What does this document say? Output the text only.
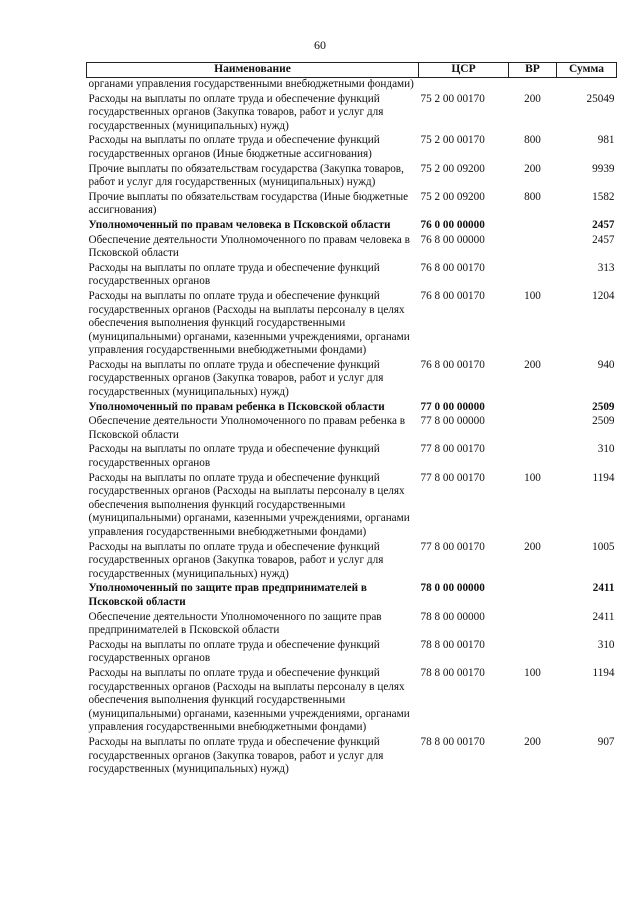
60
Наименование	ЦСР	ВР	Сумма
органами управления государственными внебюджетными фондами)			
Расходы на выплаты по оплате труда и обеспечение функций государственных органов (Закупка товаров, работ и услуг для государственных (муниципальных) нужд)	75 2 00 00170	200	25049
Расходы на выплаты по оплате труда и обеспечение функций государственных органов (Иные бюджетные ассигнования)	75 2 00 00170	800	981
Прочие выплаты по обязательствам государства (Закупка товаров, работ и услуг для государственных (муниципальных) нужд)	75 2 00 09200	200	9939
Прочие выплаты по обязательствам государства (Иные бюджетные ассигнования)	75 2 00 09200	800	1582
Уполномоченный по правам человека в Псковской области	76 0 00 00000		2457
Обеспечение деятельности Уполномоченного по правам человека в Псковской области	76 8 00 00000		2457
Расходы на выплаты по оплате труда и обеспечение функций государственных органов	76 8 00 00170		313
Расходы на выплаты по оплате труда и обеспечение функций государственных органов (Расходы на выплаты персоналу в целях обеспечения выполнения функций государственными (муниципальными) органами, казенными учреждениями, органами управления государственными внебюджетными фондами)	76 8 00 00170	100	1204
Расходы на выплаты по оплате труда и обеспечение функций государственных органов (Закупка товаров, работ и услуг для государственных (муниципальных) нужд)	76 8 00 00170	200	940
Уполномоченный по правам ребенка в Псковской области	77 0 00 00000		2509
Обеспечение деятельности Уполномоченного по правам ребенка в Псковской области	77 8 00 00000		2509
Расходы на выплаты по оплате труда и обеспечение функций государственных органов	77 8 00 00170		310
Расходы на выплаты по оплате труда и обеспечение функций государственных органов (Расходы на выплаты персоналу в целях обеспечения выполнения функций государственными (муниципальными) органами, казенными учреждениями, органами управления государственными внебюджетными фондами)	77 8 00 00170	100	1194
Расходы на выплаты по оплате труда и обеспечение функций государственных органов (Закупка товаров, работ и услуг для государственных (муниципальных) нужд)	77 8 00 00170	200	1005
Уполномоченный по защите прав предпринимателей в Псковской области	78 0 00 00000		2411
Обеспечение деятельности Уполномоченного по защите прав предпринимателей в Псковской области	78 8 00 00000		2411
Расходы на выплаты по оплате труда и обеспечение функций государственных органов	78 8 00 00170		310
Расходы на выплаты по оплате труда и обеспечение функций государственных органов (Расходы на выплаты персоналу в целях обеспечения выполнения функций государственными (муниципальными) органами, казенными учреждениями, органами управления государственными внебюджетными фондами)	78 8 00 00170	100	1194
Расходы на выплаты по оплате труда и обеспечение функций государственных органов (Закупка товаров, работ и услуг для государственных (муниципальных) нужд)	78 8 00 00170	200	907
